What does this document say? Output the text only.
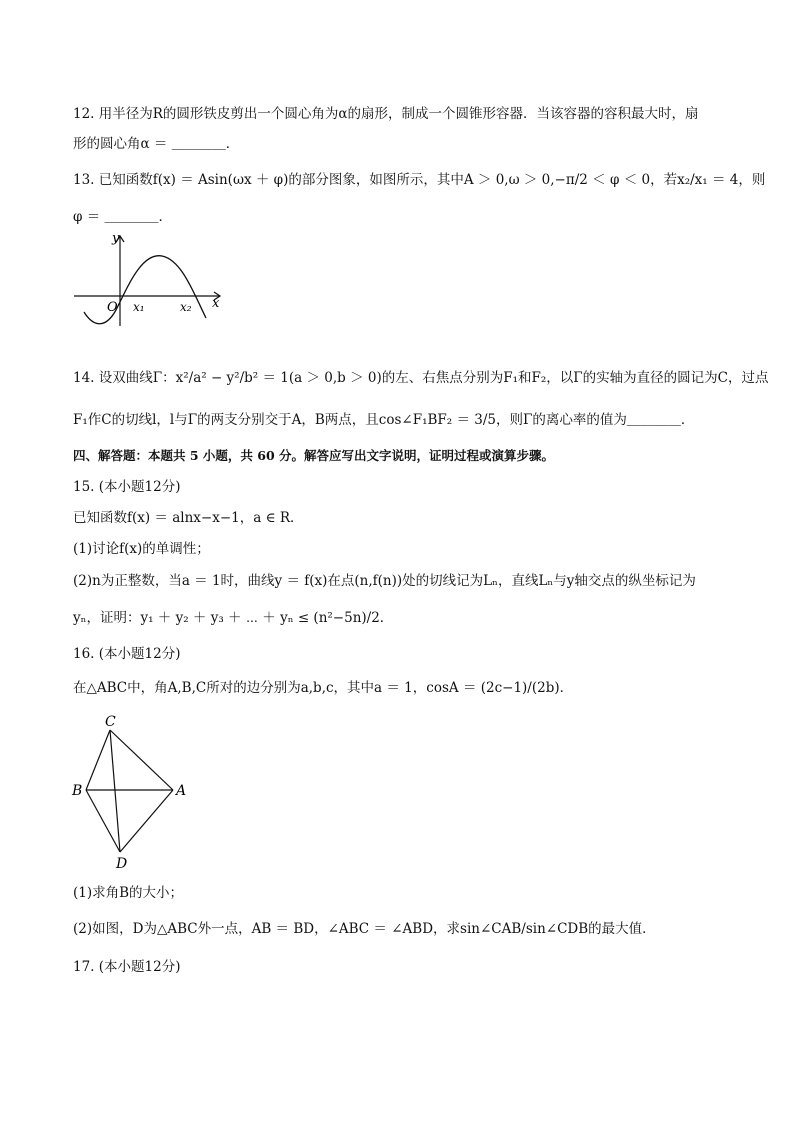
12. 用半径为R的圆形铁皮剪出一个圆心角为α的扇形，制成一个圆锥形容器．当该容器的容积最大时，扇
形的圆心角α ＝ ＿＿＿＿．
13. 已知函数f(x) ＝ Asin(ωx ＋ φ)的部分图象，如图所示，其中A ＞ 0,ω ＞ 0,−π/2 ＜ φ ＜ 0，若x₂/x₁ ＝ 4，则
φ ＝ ＿＿＿＿．
y
x
O x₁	x₂
14. 设双曲线Γ：x²/a² − y²/b² ＝ 1(a ＞ 0,b ＞ 0)的左、右焦点分别为F₁和F₂，以Γ的实轴为直径的圆记为C，过点
F₁作C的切线l，l与Γ的两支分别交于A，B两点，且cos∠F₁BF₂ ＝ 3/5，则Γ的离心率的值为＿＿＿＿．
四、解答题：本题共 5 小题，共 60 分。解答应写出文字说明，证明过程或演算步骤。
15. (本小题12分)
已知函数f(x) ＝ alnx−x−1，a ∈ R．
(1)讨论f(x)的单调性；
(2)n为正整数，当a ＝ 1时，曲线y ＝ f(x)在点(n,f(n))处的切线记为Lₙ，直线Lₙ与y轴交点的纵坐标记为
yₙ，证明：y₁ ＋ y₂ ＋ y₃ ＋ ⋯ ＋ yₙ ≤ (n²−5n)/2．
16. (本小题12分)
在△ABC中，角A,B,C所对的边分别为a,b,c，其中a ＝ 1，cosA ＝ (2c−1)/(2b)．
C
B	A
D
(1)求角B的大小；
(2)如图，D为△ABC外一点，AB ＝ BD，∠ABC ＝ ∠ABD，求sin∠CAB/sin∠CDB的最大值．
17. (本小题12分)
